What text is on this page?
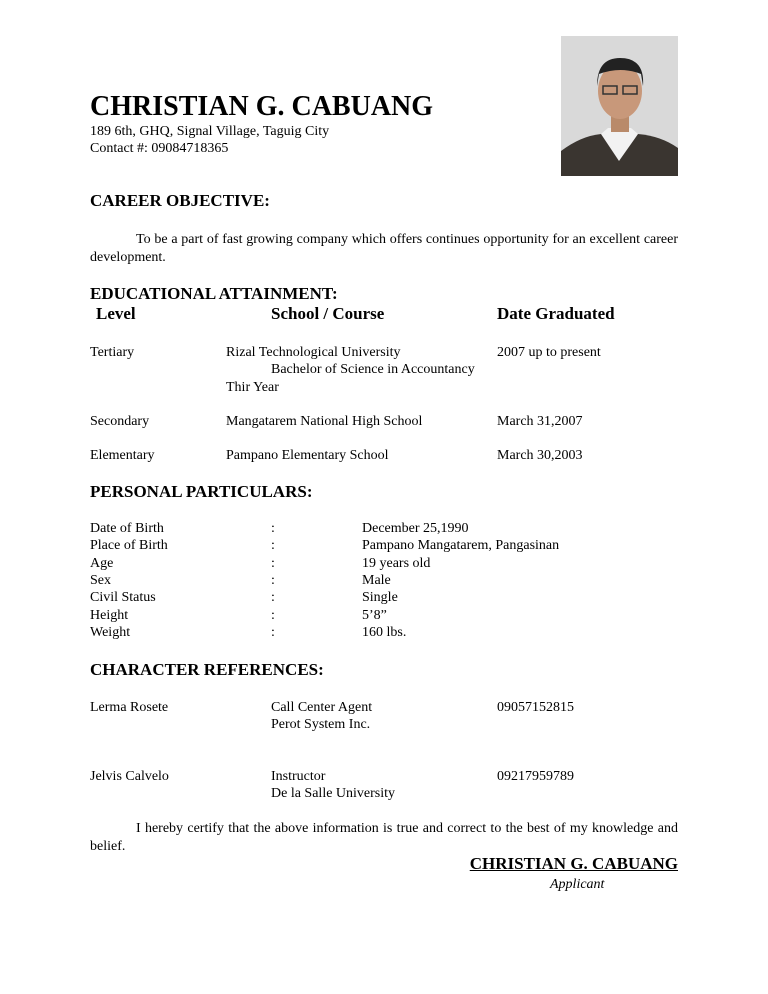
CHRISTIAN G. CABUANG
189 6th, GHQ, Signal Village, Taguig City
Contact #: 09084718365
CAREER OBJECTIVE:
To be a part of fast growing company which offers continues opportunity for an excellent career development.
EDUCATIONAL ATTAINMENT:
Level	School / Course	Date Graduated
Tertiary	Rizal Technological University	2007 up to present
Bachelor of Science in Accountancy
Thir Year
Secondary	Mangatarem National High School	March 31,2007
Elementary	Pampano Elementary School	March 30,2003
PERSONAL PARTICULARS:
Date of Birth	:	December 25,1990
Place of Birth	:	Pampano Mangatarem, Pangasinan
Age	:	19 years old
Sex	:	Male
Civil Status	:	Single
Height	:	5’8”
Weight	:	160 lbs.
CHARACTER REFERENCES:
Lerma Rosete	Call Center Agent	09057152815
Perot System Inc.
Jelvis Calvelo	Instructor	09217959789
De la Salle University
I hereby certify that the above information is true and correct to the best of my knowledge and belief.
CHRISTIAN G. CABUANG
Applicant
